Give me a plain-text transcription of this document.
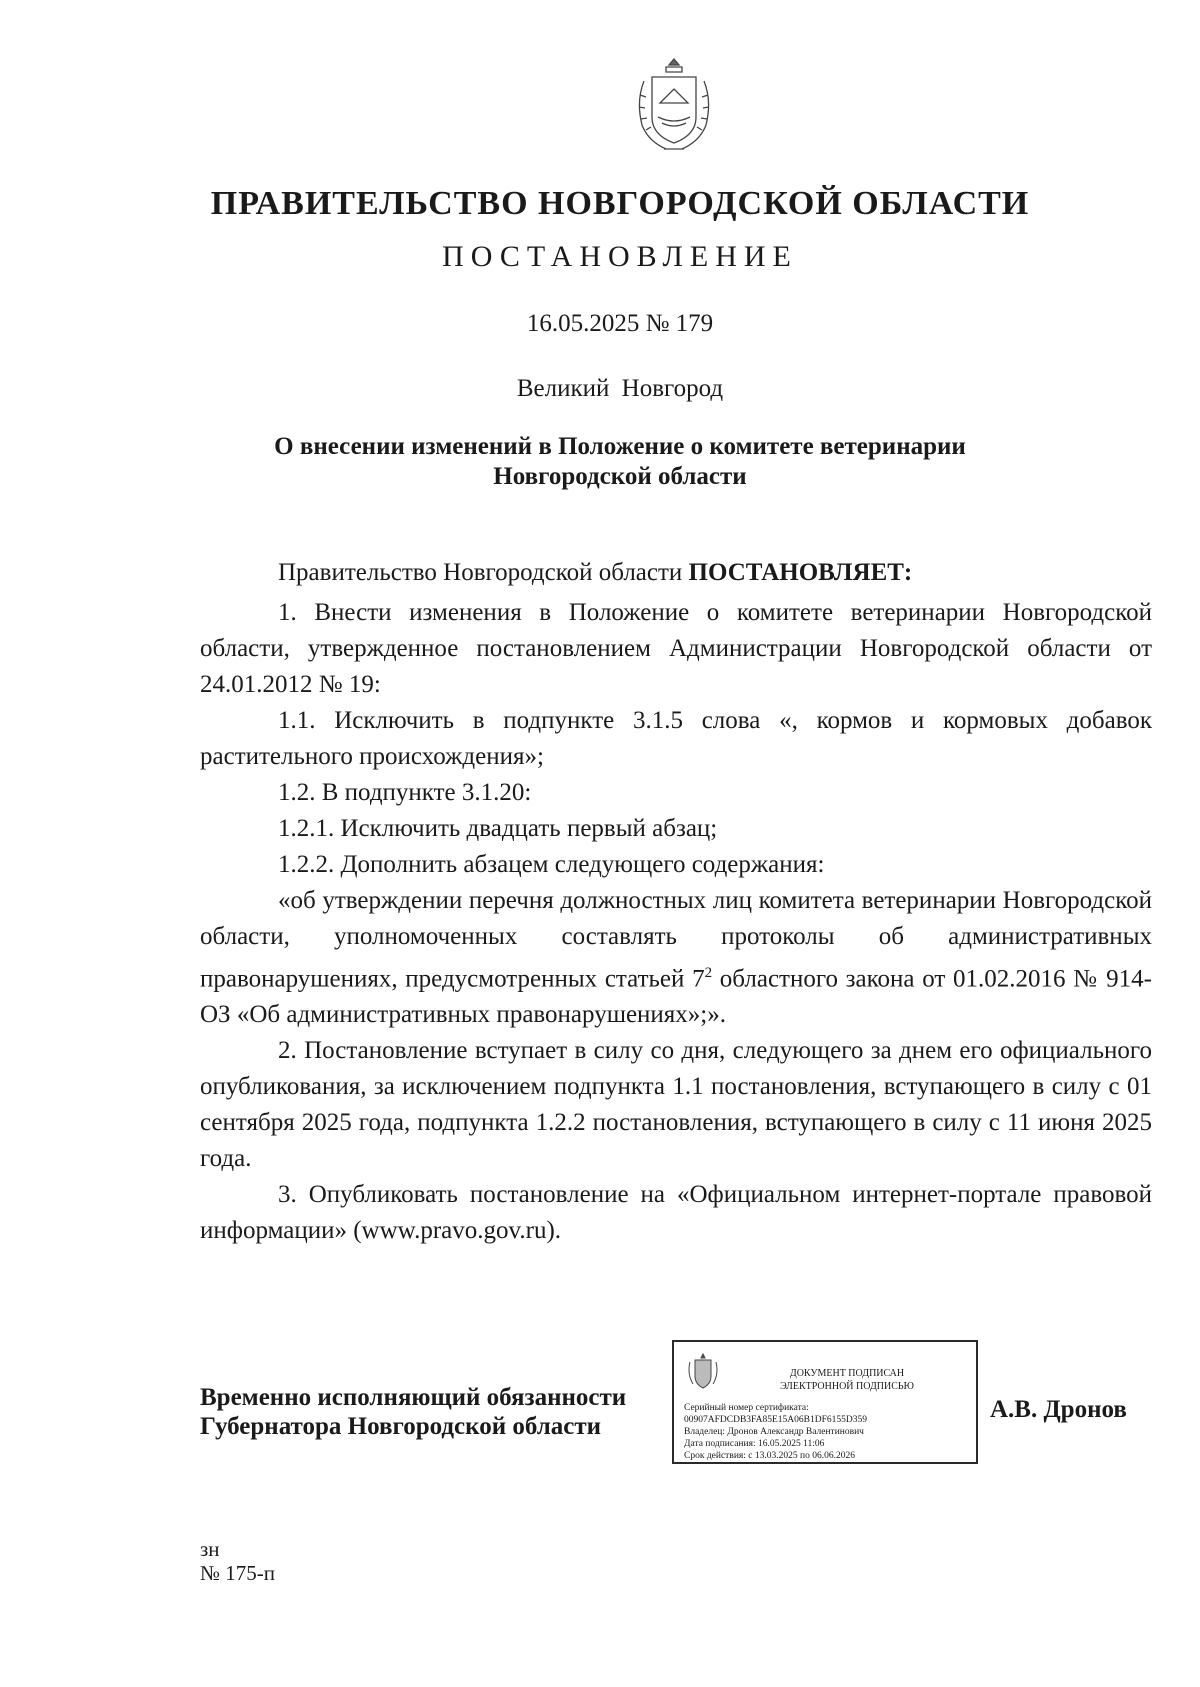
ПРАВИТЕЛЬСТВО НОВГОРОДСКОЙ ОБЛАСТИ
ПОСТАНОВЛЕНИЕ
16.05.2025 № 179
Великий Новгород
О внесении изменений в Положение о комитете ветеринарии
Новгородской области

Правительство Новгородской области ПОСТАНОВЛЯЕТ:

1. Внести изменения в Положение о комитете ветеринарии Новгородской области, утвержденное постановлением Администрации Новгородской области от 24.01.2012 № 19:

1.1. Исключить в подпункте 3.1.5 слова «, кормов и кормовых добавок растительного происхождения»;

1.2. В подпункте 3.1.20:

1.2.1. Исключить двадцать первый абзац;

1.2.2. Дополнить абзацем следующего содержания:

«об утверждении перечня должностных лиц комитета ветеринарии Новгородской области, уполномоченных составлять протоколы об административных правонарушениях, предусмотренных статьей $7^2$ областного закона от 01.02.2016 № 914-ОЗ «Об административных правонарушениях»;».

2. Постановление вступает в силу со дня, следующего за днем его официального опубликования, за исключением подпункта 1.1 постановления, вступающего в силу с 01 сентября 2025 года, подпункта 1.2.2 постановления, вступающего в силу с 11 июня 2025 года.

3. Опубликовать постановление на «Официальном интернет-портале правовой информации» (www.pravo.gov.ru).

Временно исполняющий обязанности
Губернатора Новгородской области
ДОКУМЕНТ ПОДПИСАН
ЭЛЕКТРОННОЙ ПОДПИСЬЮ
Серийный номер сертификата:
00907AFDCDB3FA85E15A06B1DF6155D359
Владелец: Дронов Александр Валентинович
Дата подписания: 16.05.2025 11:06
Срок действия: с 13.03.2025 по 06.06.2026
А.В. Дронов
зн
№ 175-п
